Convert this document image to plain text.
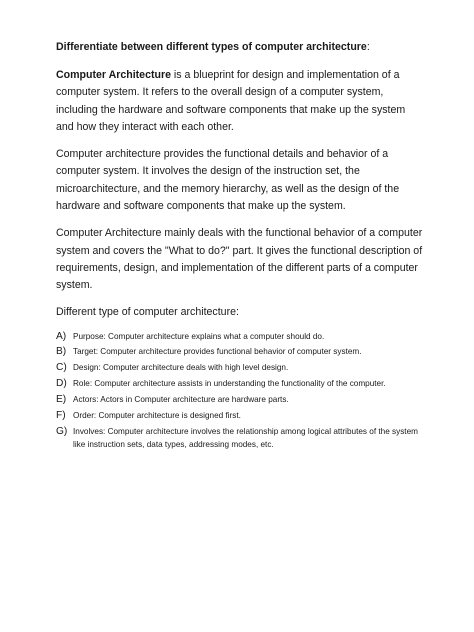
Differentiate between different types of computer architecture:

Computer Architecture is a blueprint for design and implementation of a computer system. It refers to the overall design of a computer system, including the hardware and software components that make up the system and how they interact with each other.

Computer architecture provides the functional details and behavior of a computer system. It involves the design of the instruction set, the microarchitecture, and the memory hierarchy, as well as the design of the hardware and software components that make up the system.

Computer Architecture mainly deals with the functional behavior of a computer system and covers the "What to do?" part. It gives the functional description of requirements, design, and implementation of the different parts of a computer system.

Different type of computer architecture:

A) Purpose: Computer architecture explains what a computer should do.
B) Target: Computer architecture provides functional behavior of computer system.
C) Design: Computer architecture deals with high level design.
D) Role: Computer architecture assists in understanding the functionality of the computer.
E) Actors: Actors in Computer architecture are hardware parts.
F) Order: Computer architecture is designed first.
G) Involves: Computer architecture involves the relationship among logical attributes of the system like instruction sets, data types, addressing modes, etc.
